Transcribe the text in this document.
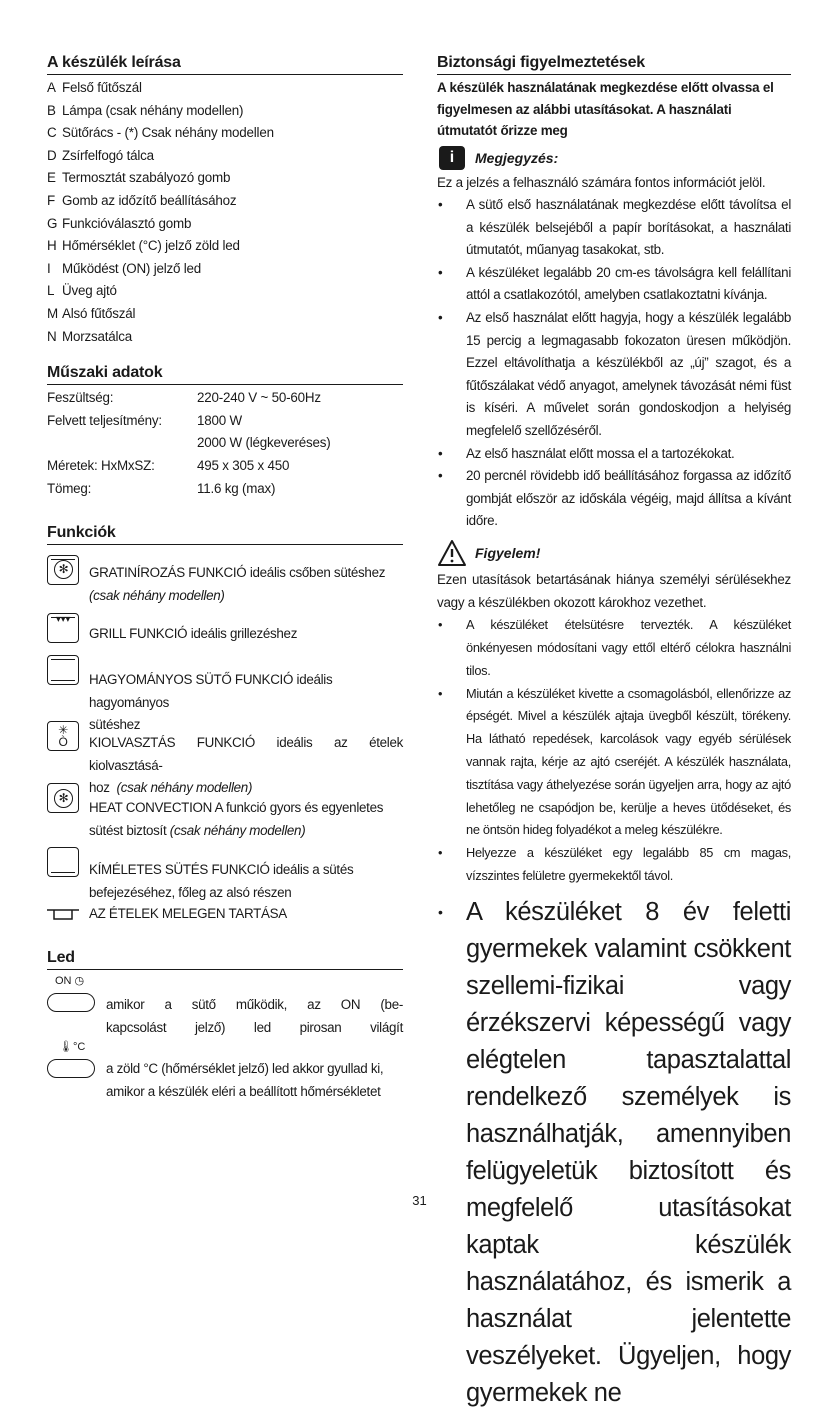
A készülék leírása
A Felső fűtőszál
B Lámpa (csak néhány modellen)
C Sütőrács - (*) Csak néhány modellen
D Zsírfelfogó tálca
E Termosztát szabályozó gomb
F Gomb az időzítő beállításához
G Funkcióválasztó gomb
H Hőmérséklet (°C) jelző zöld led
I Működést (ON) jelző led
L Üveg ajtó
M Alsó fűtőszál
N Morzsatálca
Műszaki adatok
Feszültség:	220-240 V ~ 50-60Hz
Felvett teljesítmény:	1800 W
2000 W (légkeveréses)
Méretek: HxMxSZ:	495 x 305 x 450
Tömeg:	11.6 kg (max)
Funkciók
✻	GRATINÍROZÁS FUNKCIÓ ideális csőben sütéshez
(csak néhány modellen)
▾▾▾
GRILL FUNKCIÓ ideális grillezéshez
HAGYOMÁNYOS SÜTŐ FUNKCIÓ ideális hagyományos
sütéshez
✳
Ò	KIOLVASZTÁS FUNKCIÓ ideális az ételek kiolvasztásá-
hoz (csak néhány modellen)
✻
HEAT CONVECTION A funkció gyors és egyenletes
sütést biztosít (csak néhány modellen)
KÍMÉLETES SÜTÉS FUNKCIÓ ideális a sütés
befejezéséhez, főleg az alsó részen
AZ ÉTELEK MELEGEN TARTÁSA
Led
ON ◷
amikor a sütő működik, az ON (be-
kapcsolást jelző) led pirosan világít
🌡°C
a zöld °C (hőmérséklet jelző) led akkor gyullad ki,
amikor a készülék eléri a beállított hőmérsékletet
Biztonsági figyelmeztetések
A készülék használatának megkezdése előtt olvassa el figyelmesen az alábbi utasításokat. A használati útmutatót őrizze meg
i	Megjegyzés:
Ez a jelzés a felhasználó számára fontos információt jelöl.
• A sütő első használatának megkezdése előtt távolítsa el a készülék belsejéből a papír borításokat, a használati útmutatót, műanyag tasakokat, stb.
• A készüléket legalább 20 cm-es távolságra kell felállítani attól a csatlakozótól, amelyben csatlakoztatni kívánja.
• Az első használat előtt hagyja, hogy a készülék legalább 15 percig a legmagasabb fokozaton üresen működjön. Ezzel eltávolíthatja a készülékből az „új” szagot, és a fűtőszálakat védő anyagot, amelynek távozását némi füst is kíséri. A művelet során gondoskodjon a helyiség megfelelő szellőzéséről.
• Az első használat előtt mossa el a tartozékokat.
• 20 percnél rövidebb idő beállításához forgassa az időzítő gombját először az időskála végéig, majd állítsa a kívánt időre.
Figyelem!
Ezen utasítások betartásának hiánya személyi sérülésekhez vagy a készülékben okozott károkhoz vezethet.
• A készüléket ételsütésre tervezték. A készüléket önkényesen módosítani vagy ettől eltérő célokra használni tilos.
• Miután a készüléket kivette a csomagolásból, ellenőrizze az épségét. Mivel a készülék ajtaja üvegből készült, törékeny. Ha látható repedések, karcolások vagy egyéb sérülések vannak rajta, kérje az ajtó cseréjét. A készülék használata, tisztítása vagy áthelyezése során ügyeljen arra, hogy az ajtó lehetőleg ne csapódjon be, kerülje a heves ütődéseket, és ne öntsön hideg folyadékot a meleg készülékre.
• Helyezze a készüléket egy legalább 85 cm magas, vízszintes felületre gyermekektől távol.
• A készüléket 8 év feletti gyermekek valamint csökkent szellemi-fizikai vagy érzékszervi képességű vagy elégtelen tapasztalattal rendelkező személyek is használhatják, amennyiben felügyeletük biztosított és megfelelő utasításokat kaptak készülék használatához, és ismerik a használat jelentette veszélyeket. Ügyeljen, hogy gyermekek ne
31
